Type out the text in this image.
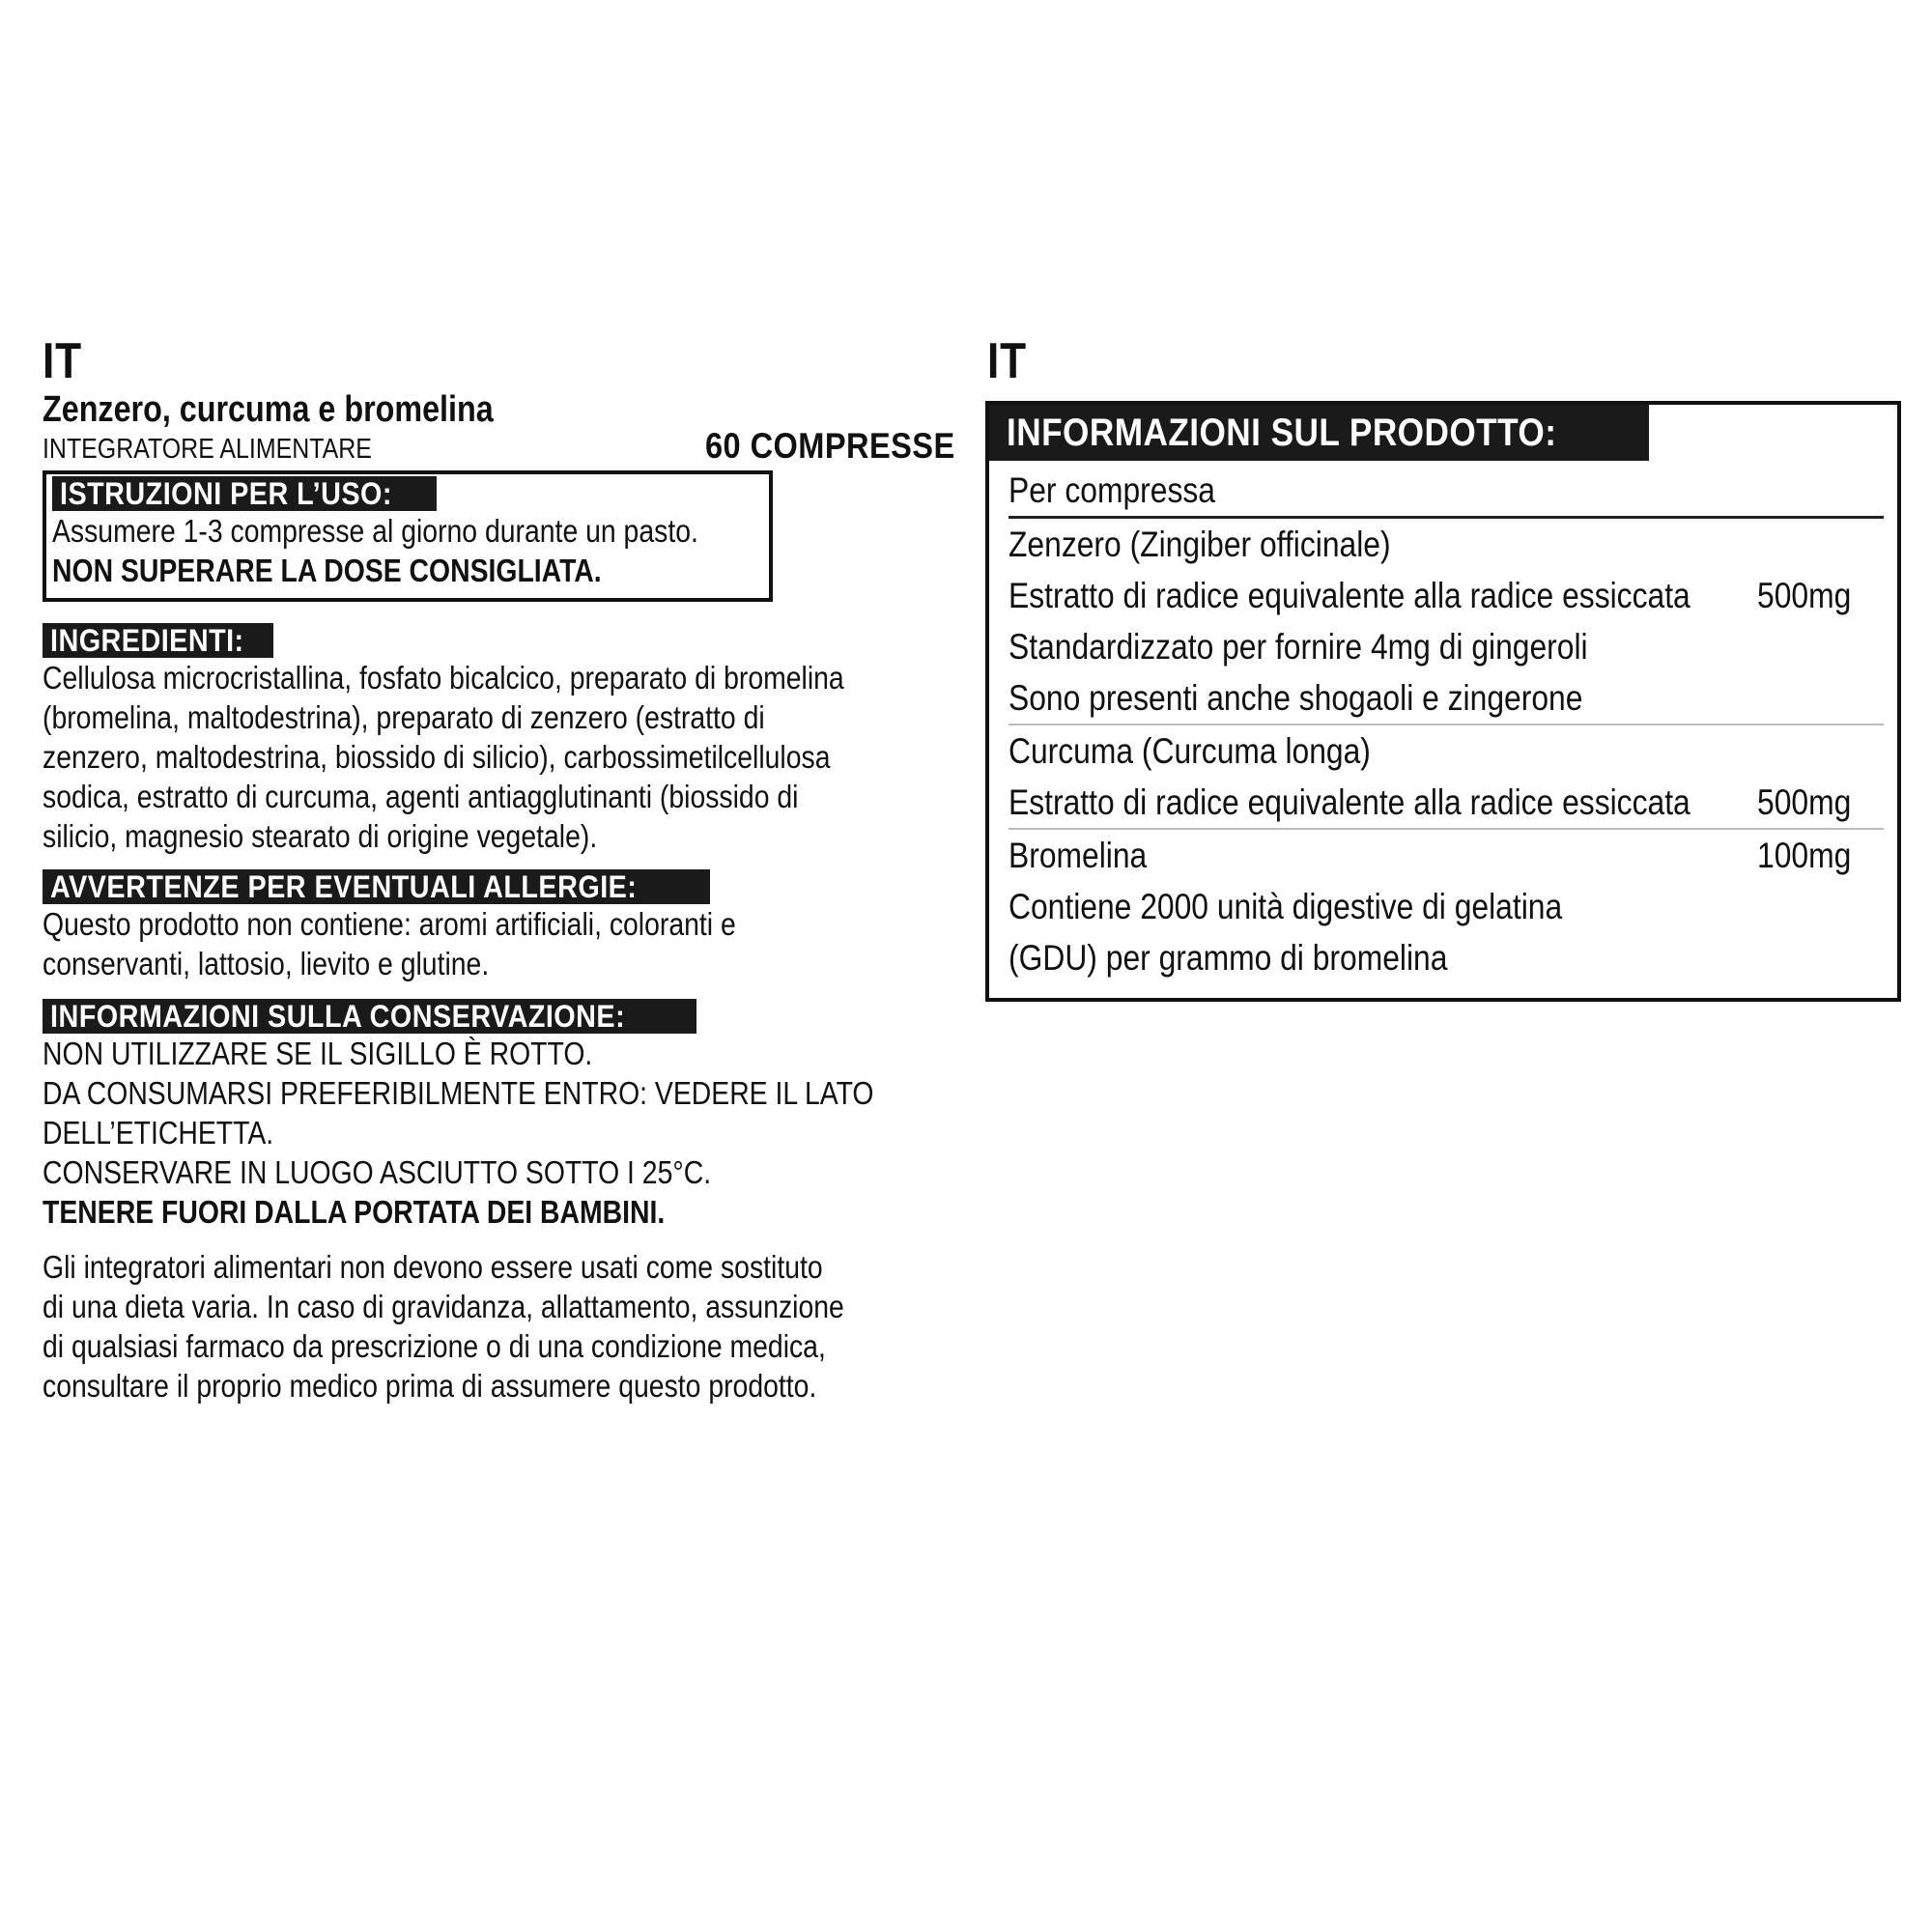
IT
Zenzero, curcuma e bromelina
INTEGRATORE ALIMENTARE	60 COMPRESSE
ISTRUZIONI PER L’USO:
Assumere 1-3 compresse al giorno durante un pasto.
NON SUPERARE LA DOSE CONSIGLIATA.
INGREDIENTI:
Cellulosa microcristallina, fosfato bicalcico, preparato di bromelina
(bromelina, maltodestrina), preparato di zenzero (estratto di
zenzero, maltodestrina, biossido di silicio), carbossimetilcellulosa
sodica, estratto di curcuma, agenti antiagglutinanti (biossido di
silicio, magnesio stearato di origine vegetale).
AVVERTENZE PER EVENTUALI ALLERGIE:
Questo prodotto non contiene: aromi artificiali, coloranti e
conservanti, lattosio, lievito e glutine.
INFORMAZIONI SULLA CONSERVAZIONE:
NON UTILIZZARE SE IL SIGILLO È ROTTO.
DA CONSUMARSI PREFERIBILMENTE ENTRO: VEDERE IL LATO
DELL’ETICHETTA.
CONSERVARE IN LUOGO ASCIUTTO SOTTO I 25°C.
TENERE FUORI DALLA PORTATA DEI BAMBINI.
Gli integratori alimentari non devono essere usati come sostituto
di una dieta varia. In caso di gravidanza, allattamento, assunzione
di qualsiasi farmaco da prescrizione o di una condizione medica,
consultare il proprio medico prima di assumere questo prodotto.
IT
INFORMAZIONI SUL PRODOTTO:
Per compressa
Zenzero (Zingiber officinale)
Estratto di radice equivalente alla radice essiccata 500mg
Standardizzato per fornire 4mg di gingeroli
Sono presenti anche shogaoli e zingerone
Curcuma (Curcuma longa)
Estratto di radice equivalente alla radice essiccata 500mg
Bromelina	100mg
Contiene 2000 unità digestive di gelatina
(GDU) per grammo di bromelina
